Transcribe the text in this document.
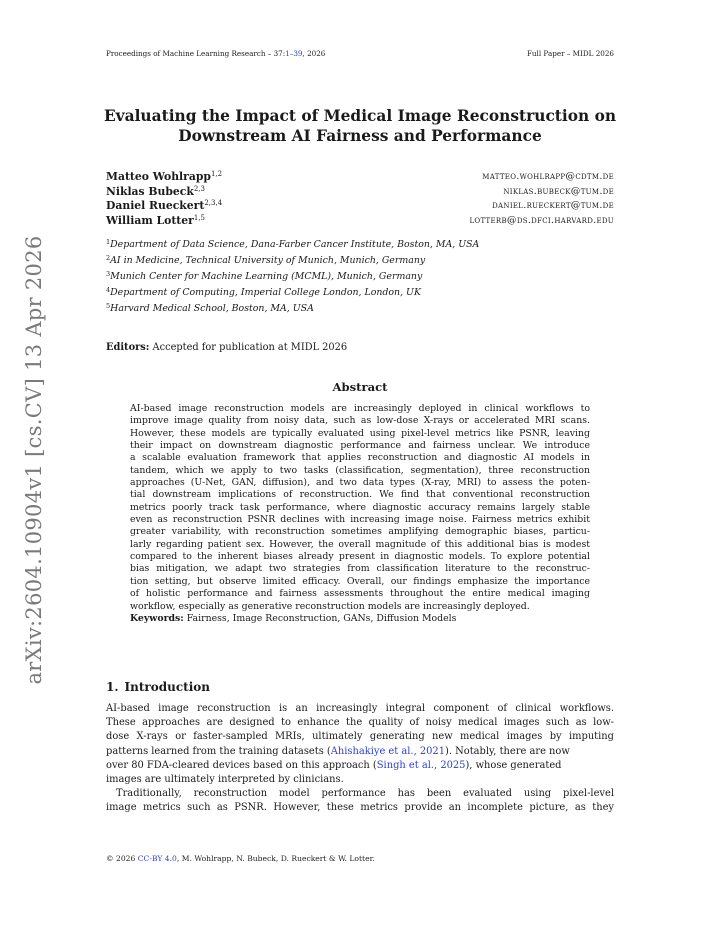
Proceedings of Machine Learning Research – 37:1–39, 2026	Full Paper – MIDL 2026
Evaluating the Impact of Medical Image Reconstruction on
Downstream AI Fairness and Performance
Matteo Wohlrapp$^{1,2}$	matteo.wohlrapp@cdtm.de
Niklas Bubeck$^{2,3}$	niklas.bubeck@tum.de
Daniel Rueckert$^{2,3,4}$	daniel.rueckert@tum.de
William Lotter$^{1,5}$	lotterb@ds.dfci.harvard.edu
$^1$Department of Data Science, Dana-Farber Cancer Institute, Boston, MA, USA
$^2$AI in Medicine, Technical University of Munich, Munich, Germany
$^3$Munich Center for Machine Learning (MCML), Munich, Germany
$^4$Department of Computing, Imperial College London, London, UK
$^5$Harvard Medical School, Boston, MA, USA
Editors: Accepted for publication at MIDL 2026
Abstract
AI-based image reconstruction models are increasingly deployed in clinical workflows to
improve image quality from noisy data, such as low-dose X-rays or accelerated MRI scans.
However, these models are typically evaluated using pixel-level metrics like PSNR, leaving
their impact on downstream diagnostic performance and fairness unclear. We introduce
a scalable evaluation framework that applies reconstruction and diagnostic AI models in
tandem, which we apply to two tasks (classification, segmentation), three reconstruction
approaches (U-Net, GAN, diffusion), and two data types (X-ray, MRI) to assess the poten-
tial downstream implications of reconstruction. We find that conventional reconstruction
metrics poorly track task performance, where diagnostic accuracy remains largely stable
even as reconstruction PSNR declines with increasing image noise. Fairness metrics exhibit
greater variability, with reconstruction sometimes amplifying demographic biases, particu-
larly regarding patient sex. However, the overall magnitude of this additional bias is modest
compared to the inherent biases already present in diagnostic models. To explore potential
bias mitigation, we adapt two strategies from classification literature to the reconstruc-
tion setting, but observe limited efficacy. Overall, our findings emphasize the importance
of holistic performance and fairness assessments throughout the entire medical imaging
workflow, especially as generative reconstruction models are increasingly deployed.
Keywords: Fairness, Image Reconstruction, GANs, Diffusion Models
1. Introduction
AI-based image reconstruction is an increasingly integral component of clinical workflows.
These approaches are designed to enhance the quality of noisy medical images such as low-
dose X-rays or faster-sampled MRIs, ultimately generating new medical images by imputing
patterns learned from the training datasets (Ahishakiye et al., 2021). Notably, there are now
over 80 FDA-cleared devices based on this approach (Singh et al., 2025), whose generated
images are ultimately interpreted by clinicians.
Traditionally, reconstruction model performance has been evaluated using pixel-level
image metrics such as PSNR. However, these metrics provide an incomplete picture, as they
© 2026 CC-BY 4.0, M. Wohlrapp, N. Bubeck, D. Rueckert & W. Lotter.
arXiv:2604.10904v1 [cs.CV] 13 Apr 2026
